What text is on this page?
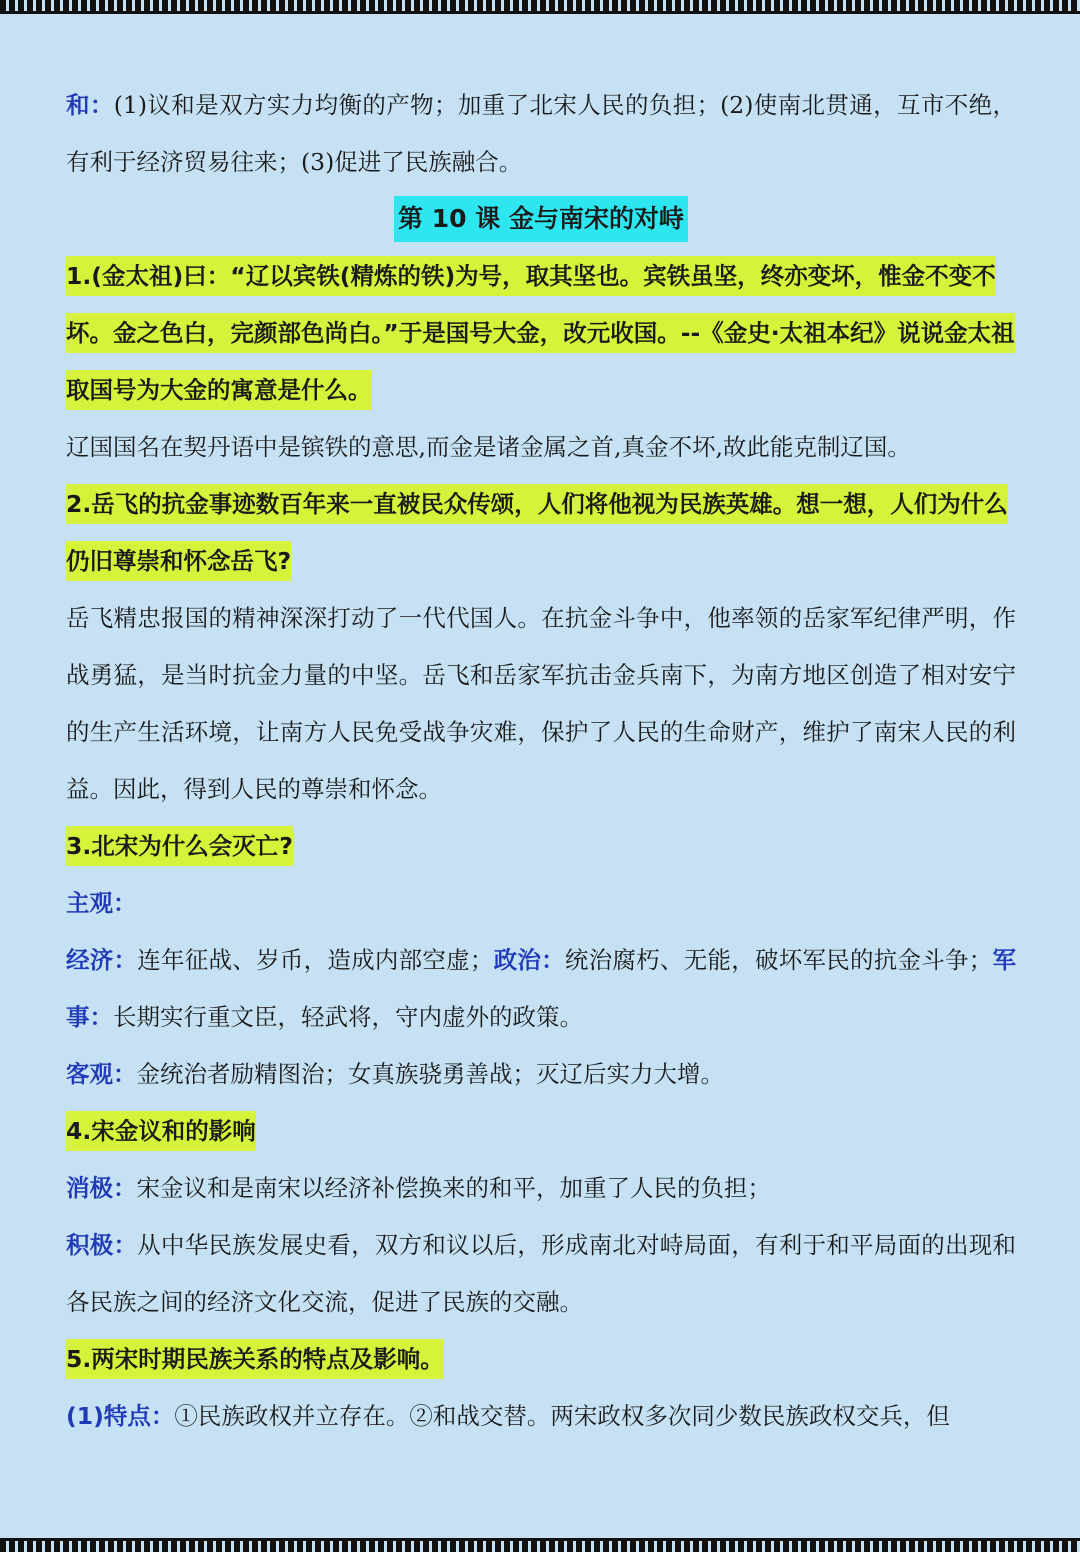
和：(1)议和是双方实力均衡的产物；加重了北宋人民的负担；(2)使南北贯通，互市不绝，有利于经济贸易往来；(3)促进了民族融合。

第 10 课 金与南宋的对峙

1.(金太祖)曰：“辽以宾铁(精炼的铁)为号，取其坚也。宾铁虽坚，终亦变坏，惟金不变不坏。金之色白，完颜部色尚白。”于是国号大金，改元收国。--《金史·太祖本纪》说说金太祖取国号为大金的寓意是什么。

辽国国名在契丹语中是镔铁的意思,而金是诸金属之首,真金不坏,故此能克制辽国。

2.岳飞的抗金事迹数百年来一直被民众传颂，人们将他视为民族英雄。想一想，人们为什么仍旧尊崇和怀念岳飞?

岳飞精忠报国的精神深深打动了一代代国人。在抗金斗争中，他率领的岳家军纪律严明，作战勇猛，是当时抗金力量的中坚。岳飞和岳家军抗击金兵南下，为南方地区创造了相对安宁的生产生活环境，让南方人民免受战争灾难，保护了人民的生命财产，维护了南宋人民的利益。因此，得到人民的尊崇和怀念。

3.北宋为什么会灭亡?

主观：

经济：连年征战、岁币，造成内部空虚；政治：统治腐朽、无能，破坏军民的抗金斗争；军事：长期实行重文臣，轻武将，守内虚外的政策。

客观：金统治者励精图治；女真族骁勇善战；灭辽后实力大增。

4.宋金议和的影响

消极：宋金议和是南宋以经济补偿换来的和平，加重了人民的负担；

积极：从中华民族发展史看，双方和议以后，形成南北对峙局面，有利于和平局面的出现和各民族之间的经济文化交流，促进了民族的交融。

5.两宋时期民族关系的特点及影响。

(1)特点：①民族政权并立存在。②和战交替。两宋政权多次同少数民族政权交兵，但
